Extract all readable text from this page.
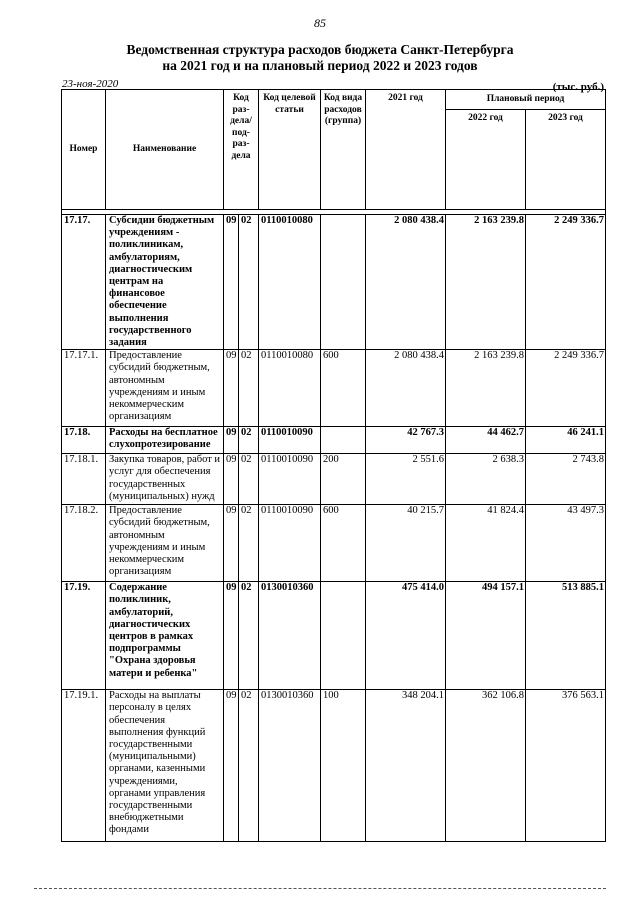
85
Ведомственная структура расходов бюджета Санкт-Петербурга
на 2021 год и на плановый период 2022 и 2023 годов
23-ноя-2020	(тыс. руб.)
Номер	Наименование	Код раз-дела/ под-раз-дела		Код целевой статьи	Код вида расходов (группа)	2021 год	Плановый период	
							2022 год	2023 год

17.17.	Субсидии бюджетным учреждениям - поликлиникам, амбулаториям, диагностическим центрам на финансовое обеспечение выполнения государственного задания	09	02	0110010080		2 080 438.4	2 163 239.8	2 249 336.7
17.17.1.	Предоставление субсидий бюджетным, автономным учреждениям и иным некоммерческим организациям	09	02	0110010080	600	2 080 438.4	2 163 239.8	2 249 336.7
17.18.	Расходы на бесплатное слухопротезирование	09	02	0110010090		42 767.3	44 462.7	46 241.1
17.18.1.	Закупка товаров, работ и услуг для обеспечения государственных (муниципальных) нужд	09	02	0110010090	200	2 551.6	2 638.3	2 743.8
17.18.2.	Предоставление субсидий бюджетным, автономным учреждениям и иным некоммерческим организациям	09	02	0110010090	600	40 215.7	41 824.4	43 497.3
17.19.	Содержание поликлиник, амбулаторий, диагностических центров в рамках подпрограммы "Охрана здоровья матери и ребенка"	09	02	0130010360		475 414.0	494 157.1	513 885.1
17.19.1.	Расходы на выплаты персоналу в целях обеспечения выполнения функций государственными (муниципальными) органами, казенными учреждениями, органами управления государственными внебюджетными фондами	09	02	0130010360	100	348 204.1	362 106.8	376 563.1
